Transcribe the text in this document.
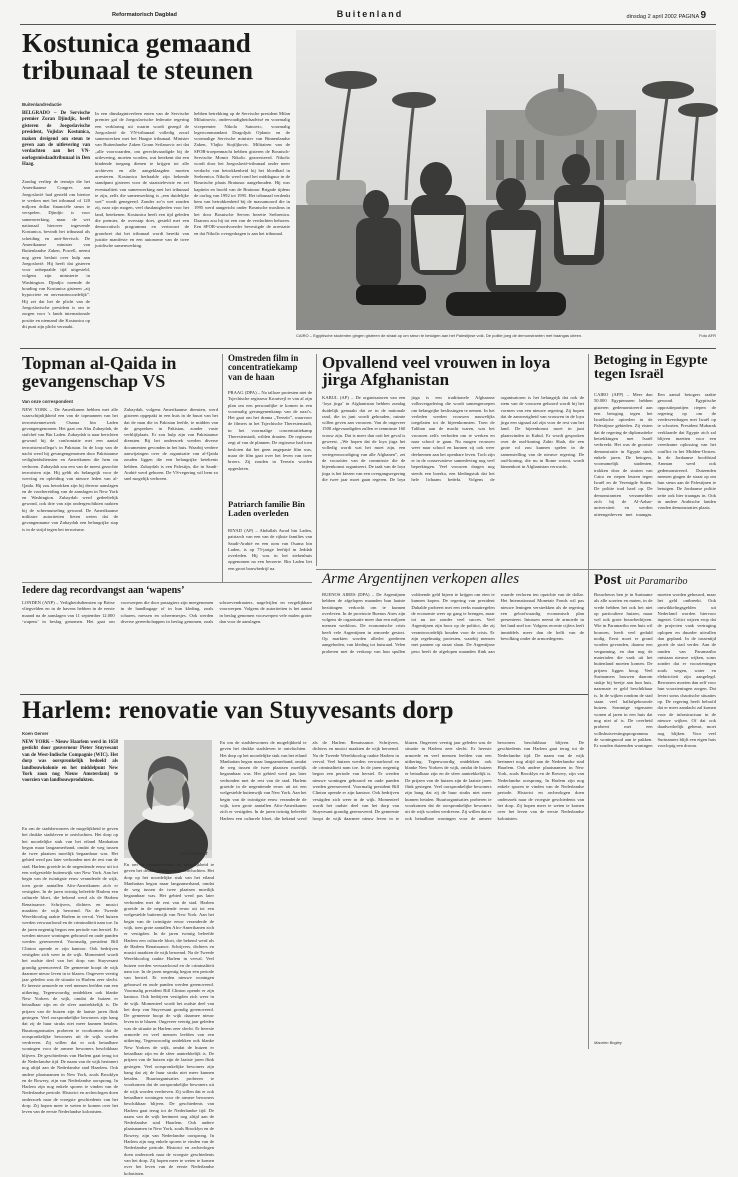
Reformatorisch Dagblad	Buitenland	dinsdag 2 april 2002 PAGINA 9
Kostunica gemaand tribunaal te steunen
Buitenlandredactie
BELGRADO – De Servische premier Zoran Djindjic, heeft gisteren de Joegoslavische president, Vojislav Kostunica, maken dreigend om steun te geven aan de uitlevering van verdachten aan het VN-oorlogsmisdaadtribunaal in Den Haag.
Zondag verliep de termijn die het Amerikaanse Congres aan Joegoslavië had gesteld om hiertoe te werken met het tribunaal of 120 miljoen dollar financiële steun te verspelen. Djindjic is voor samenwerking, maar de wet nationaal hierover ingevende Kostunica, bevindt het tribunaal als scheiding en anti-Servisch. De Amerikaanse minister van Buitenlandse Zaken, Powell, neemt nog geen besluit over hulp aan Joegoslavië. Hij heeft dat gisteren voor onbepaalde tijd uitgesteld, volgens zijn ministerie in Washington. Djindjic noemde de houding van Kostunica gisteren „zij hypocriete en onverantwoordelijk”. Hij zei dat het de plicht van de Joegoslavische president is om te zorgen voor ’s lands internationale positie en niemand die Kostunica op dit punt zijn plicht verzaakt.
In een dinsdagintverleen enten van de Servische premier gaf de Joegoslavische federatie regering een verklaring uit waarin wordt gezegd de Joegoslavië de VN-tribunaal volledig zoozl samenwerken met het Haagse tribunaal. Minister van Buitenlandse Zaken Goran Svilanovic zei dat „alle voorwaarden, om gerechtvaardigde bij de uitlevering, moeten worden, wat betekent dat een bindende toegang dienen te krijgen tot alle archieven en alle aangeklaagden moeten arresteren. Kostunica herhaalde zijn bekende standpunt gisteren voor de staatstelevisie en zei eventualiteit van samenwerking met het tribunaal te zijn, zelfs die samenwerking is „een duidelijke wet” wordt genegeerd. Zonder zo’n wet zouden zij, naar zijn mogen, veel dusdanigheden voor het land, betekenen. Kostunica heeft een tijd geleden die premier, de overstap doet, gesteld met een democratisch programma en vertrouwt de grondwet dat het tribunaal wordt bereikt van justitie manifeste en een autonome van de twee juridische samenwerking.
hebben betrekking op de Servische president Milan Milutinovic, ondervoudigheidsadvisé en voormalig vicepremier Nikola Sainovic, voormalig legercommandant Dragoljub Ojdanic en de voormalige Servische minister van Binnenlandse Zaken, Vlajko Stojiljkovic. Militairen van de SFOR-troepenmacht hebben gisteren de Bosnisch-Servische Momir Nikolic gearresteerd. Nikolic wordt door het Joegoslavië-tribunaal onder meer verdacht van betrokkenheid bij het bloedbad in Srebrenica. Nikolic werd rond het middaguur in de Bosnische plaats Bratunac aangehouden. Hij was kapitein en hoofd van de Bratunac Brigade tijdens de oorlog van 1992 tot 1995. Het tribunaal verdenkt hem van betrokkenheid bij de massamoord die in 1995 werd aangericht onder Bosnische moslims in het door Bosnische Serven bezette Srebrenica. Daarom zou hij tot een van de verdachten behoren. Een SFOR-woordvoerder bevestigde de arrestatie en dat Nikolic overgedragen is aan het tribunaal.
CAIRO – Egyptische studenten gingen gisteren de straat op om steun te betuigen aan het Palestijnse volk. De politie joeg de demonstranten met traangas uiteen.	Foto AFR
Topman al-Qaida in gevangenschap VS
Van onze correspondent
NEW YORK – De Amerikanen hebben met alle waarschijnlijkheid een van de topmannen van het terroristennetwerk Osama bin Laden gevangengenomen. Het gaat om Abu Zubaydah, de stafchef van Bin Laden. Zubaydah is naar berichten gewond bij de confrontatie met een aantal terroristencollega’s in Pakistan. In de loop van de nacht werd hij gevangengenomen door Pakistaanse veiligheidsdiensten en Amerikanen die hem nu verhoren. Zubaydah zou een van de meest gezochte terroristen zijn. Hij geldt als belangrijk voor de werving en opleiding van nieuwe leden van al-Qaida. Hij zou betrokken zijn bij diverse aanslagen en de voorbereiding van de aanslagen in New York en Washington. Zubaydah werd gedeeltelijk gewond, ook drie van zijn ondergeschikten raakten bij de schermutseling gewond. De Amerikaanse militaire autoriteiten lieten weten dat de gevangenname van Zubaydah een belangrijke stap is in de strijd tegen het terrorisme.
Zubaydah, volgens Amerikaanse diensten, werd gisteren opgepakt in een huis in de buurt van het dat de man die in Pakistan leefde, te midden van de gespreken in Pakistan, zonder vaste verblijfplaats. Er zou hulp zijn van Pakistaanse diensten. Bij het onderzoek werden diverse documenten gevonden in het huis. Waarbij verdere aanwijzingen over de organisatie van al-Qaida zouden liggen die een belangrijke betekenis hebben. Zubaydah is een Palestijn, die in Saudi-Arabië werd geboren. De VS-regering wil hem zo snel mogelijk verhoren.
Omstreden film in concentratiekamp van de haan
PRAAG (DPA) – Na talloze protesten niet de Tsjechische regisseur Kroutvejl er van af zijn plan om een persoonlijke te komen in een voormalig gevangenenkamp van de nazi’s. Het gaat om het drama „Terezín”, waarvoor de filmers in het Tsjechische Theresienstadt, in het voormalige concentratiekamp Theresienstadt, wilden draaien. De regisseur zegt af van de plannen. De regisseur had toen besloten dat het geen ongepaste film was, maar de film gaat over het leven van twee broers. Zij zouden in Terezín worden opgesloten.
Patriarch familie Bin Laden overleden
RIYAD (AP) – Abdullah Awad bin Laden, patriarch van een van de rijkste families van Saudi-Arabië en een oom van Osama bin Laden, is op 75-jarige leeftijd in Jeddah overleden. Hij was in het ziekenhuis opgenomen na een beroerte. Bin Laden liet een groot bouwbedrijf na.
Iedere dag recordvangst aan ‘wapens’
LONDEN (ANP) – Veiligheidsdiensten op Britse vliegvelden en in de havens hebben in de eerste maand na de aanslagen van 11 september 12.000 ‘wapens’ in beslag genomen. Het gaat om voorwerpen die door passagiers zijn meegenomen in de handbagage of in hun kleding, zoals scharen, messen en scheermesjes. Ook werden diverse gereedschappen in beslag genomen, zoals schroevendraaiers, nagelvijlen en vergelijkbare voorwerpen. Volgens de autoriteiten is het aantal in beslag genomen voorwerpen vele malen groter dan voor de aanslagen.
Opvallend veel vrouwen in loya jirga Afghanistan
KABUL (AP) – De organisatoren van een ‘loya jirga’ in Afghanistan hebben zondag duidelijk gemaakt dat ze in de nationale raad, die in juni wordt gehouden, ruimte willen geven aan vrouwen. Van de ongeveer 1500 afgevaardigden zullen er tenminste 160 vrouw zijn. Dat is meer dan ooit het geval is geweest. „We hopen dat de loya jirga het volledig wordt wat het moet zijn, een vertegenwoordiging van alle Afghanen”, zei de voorzitter van de commissie die de bijeenkomst organiseert. De taak van de loya jirga is het kiezen van een overgangsregering die twee jaar moet gaan regeren. De loya jirga is een traditionele Afghaanse volksvergadering die wordt samengeroepen om belangrijke beslissingen te nemen. In het verleden werden vrouwen nauwelijks toegelaten tot de bijeenkomsten. Toen de Taliban aan de macht waren, was het vrouwen zelfs verboden om te werken en naar school te gaan. Nu mogen vrouwen weer naar school en kunnen zij ook weer deelnemen aan het openbare leven. Toch zijn er in de conservatieve samenleving nog veel beperkingen. Veel vrouwen dragen nog steeds een boerka, een kledingstuk dat het hele lichaam bedekt. Volgens de organisatoren is het belangrijk dat ook de stem van de vrouwen gehoord wordt bij het vormen van een nieuwe regering. Zij hopen dat de aanwezigheid van vrouwen in de loya jirga een signaal zal zijn voor de rest van het land. De bijeenkomst moet in juni plaatsvinden in Kabul. Er wordt gesproken over de oud-koning Zahir Shah, die een grote rol zou kunnen spelen in de samenstelling van de nieuwe regering. De oud-koning, die nu in Rome woont, wordt binnenkort in Afghanistan verwacht.
Betoging in Egypte tegen Israël
CAIRO (AFP) – Meer dan 50.000 Egyptenaren hebben gisteren gedemonstreerd aan een betoging tegen het Israëlische optreden in de Palestijnse gebieden. Zij eisten dat de regering de diplomatieke betrekkingen met Israël verbreekt. Het was de grootste demonstratie in Egypte sinds enkele jaren. De betogers, voornamelijk studenten, trokken door de straten van Cairo en riepen leuzen tegen Israël en de Verenigde Staten. De politie trad hard op. De demonstranten verzamelden zich bij de Al-Azhar-universiteit en werden uiteengedreven met traangas. Een aantal betogers raakte gewond. Egyptische oppositiepartijen riepen de regering op om de vredesverdragen met Israël op te schorten. President Mubarak verklaarde dat Egypte zich zal blijven inzetten voor een vreedzame oplossing van het conflict in het Midden-Oosten. In de Jordaanse hoofdstad Amman werd ook gedemonstreerd. Duizenden mensen gingen de straat op om hun steun aan de Palestijnen te betuigen. De Jordaanse politie zette ook hier traangas in. Ook in andere Arabische landen vonden demonstraties plaats.
Arme Argentijnen verkopen alles
BUENOS AIRES (DPA) – De Argentijnen hebben de afgelopen maanden hun laatste bezittingen verkocht om te kunnen overleven. In de provincie Buenos Aires zijn volgens de organisatie meer dan een miljoen mensen werkloos. De economische crisis heeft vele Argentijnen in armoede gestort. Op markten worden allerlei goederen aangeboden, van kleding tot huisraad. Velen proberen met de verkoop van hun spullen voldoende geld bijeen te krijgen om eten te kunnen kopen. De regering van president Duhalde probeert met een reeks maatregelen de economie weer op gang te brengen, maar tot nu toe zonder veel succes. Veel Argentijnen zijn boos op de politici, die zij verantwoordelijk houden voor de crisis. Er zijn regelmatig protesten, waarbij mensen met pannen op straat slaan. De Argentijnse peso heeft de afgelopen maanden flink aan waarde verloren ten opzichte van de dollar. Het Internationaal Monetair Fonds wil pas nieuwe leningen verstrekken als de regering een geloofwaardig economisch plan presenteert. Intussen neemt de armoede in het land snel toe. Volgens recente cijfers leeft inmiddels meer dan de helft van de bevolking onder de armoedegrens.
Post uit Paramaribo
Harlem: renovatie van Stuyvesants dorp
Koen Gerver
NEW YORK – Nieuw Haarlem werd in 1658 gesticht door gouverneur Pieter Stuyvesant van de West-Indische Compagnie (WIC). Het dorp was oorspronkelijk bedoeld als landbouwkolonie en het middelpunt New York zoon nog Nieuw Amsterdam) te voorzien van landbouwprodukten.
En om de stadsbewoners de mogelijkheid te geven het drukke stadsleven te ontvluchten. Het dorp op het noordelijke stuk van het eiland Manhattan begon maar langzamerhand, omdat de weg tussen de twee plaatsen moeilijk begaanbaar was. Het gebied werd pas later verbonden met de rest van de stad. Harlem groeide in de negentiende eeuw uit tot een welgestelde buitenwijk van New York. Aan het begin van de twintigste eeuw veranderde de wijk, toen grote aantallen Afro-Amerikanen zich er vestigden. In de jaren twintig beleefde Harlem een culturele bloei, die bekend werd als de Harlem Renaissance. Schrijvers, dichters en musici maakten de wijk beroemd. Na de Tweede Wereldoorlog raakte Harlem in verval. Veel huizen werden verwaarloosd en de criminaliteit nam toe. In de jaren negentig begon een periode van herstel. Er werden nieuwe woningen gebouwd en oude panden werden gerenoveerd. Voormalig president Bill Clinton opende er zijn kantoor. Ook bedrijven vestigden zich weer in de wijk. Momenteel wordt het oudste deel van het dorp van Stuyvesant grondig gerenoveerd. De gemeente hoopt de wijk daarmee nieuw leven in te blazen. Ongeveer veertig jaar geleden was de situatie in Harlem zeer slecht. Er heerste armoede en veel mensen leefden van een uitkering. Tegenwoordig ontdekken ook blanke New Yorkers de wijk, omdat de huizen er betaalbaar zijn en de sfeer aantrekkelijk is. De prijzen van de huizen zijn de laatste jaren flink gestegen. Veel oorspronkelijke bewoners zijn bang dat zij de huur straks niet meer kunnen betalen. Buurtorganisaties proberen te voorkomen dat de oorspronkelijke bewoners uit de wijk worden verdreven. Zij willen dat er ook betaalbare woningen voor de armere bewoners beschikbaar blijven. De geschiedenis van Harlem gaat terug tot de Nederlandse tijd. De naam van de wijk herinnert nog altijd aan de Nederlandse stad Haarlem. Ook andere plaatsnamen in New York, zoals Brooklyn en de Bowery, zijn van Nederlandse oorsprong. In Harlem zijn nog enkele sporen te vinden van de Nederlandse periode. Historici en archeologen doen onderzoek naar de vroegste geschiedenis van het dorp. Zij hopen meer te weten te komen over het leven van de eerste Nederlandse kolonisten.
STUYVESANT
En om de stadsbewoners de mogelijkheid te geven het drukke stadsleven te ontvluchten. Het dorp op het noordelijke stuk van het eiland Manhattan begon maar langzamerhand, omdat de weg tussen de twee plaatsen moeilijk begaanbaar was. Het gebied werd pas later verbonden met de rest van de stad. Harlem groeide in de negentiende eeuw uit tot een welgestelde buitenwijk van New York. Aan het begin van de twintigste eeuw veranderde de wijk, toen grote aantallen Afro-Amerikanen zich er vestigden. In de jaren twintig beleefde Harlem een culturele bloei, die bekend werd als de Harlem Renaissance. Schrijvers, dichters en musici maakten de wijk beroemd. Na de Tweede Wereldoorlog raakte Harlem in verval. Veel huizen werden verwaarloosd en de criminaliteit nam toe. In de jaren negentig begon een periode van herstel. Er werden nieuwe woningen gebouwd en oude panden werden gerenoveerd. Voormalig president Bill Clinton opende er zijn kantoor. Ook bedrijven vestigden zich weer in de wijk. Momenteel wordt het oudste deel van het dorp van Stuyvesant grondig gerenoveerd. De gemeente hoopt de wijk daarmee nieuw leven in te blazen. Ongeveer veertig jaar geleden was de situatie in Harlem zeer slecht. Er heerste armoede en veel mensen leefden van een uitkering. Tegenwoordig ontdekken ook blanke New Yorkers de wijk, omdat de huizen er betaalbaar zijn en de sfeer aantrekkelijk is. De prijzen van de huizen zijn de laatste jaren flink gestegen. Veel oorspronkelijke bewoners zijn bang dat zij de huur straks niet meer kunnen betalen. Buurtorganisaties proberen te voorkomen dat de oorspronkelijke bewoners uit de wijk worden verdreven. Zij willen dat er ook betaalbare woningen voor de armere bewoners beschikbaar blijven. De geschiedenis van Harlem gaat terug tot de Nederlandse tijd. De naam van de wijk herinnert nog altijd aan de Nederlandse stad Haarlem. Ook andere plaatsnamen in New York, zoals Brooklyn en de Bowery, zijn van Nederlandse oorsprong. In Harlem zijn nog enkele sporen te vinden van de Nederlandse periode. Historici en archeologen doen onderzoek naar de vroegste geschiedenis van het dorp. Zij hopen meer te weten te komen over het leven van de eerste Nederlandse kolonisten.
En om de stadsbewoners de mogelijkheid te geven het drukke stadsleven te ontvluchten. Het dorp op het noordelijke stuk van het eiland Manhattan begon maar langzamerhand, omdat de weg tussen de twee plaatsen moeilijk begaanbaar was. Het gebied werd pas later verbonden met de rest van de stad. Harlem groeide in de negentiende eeuw uit tot een welgestelde buitenwijk van New York. Aan het begin van de twintigste eeuw veranderde de wijk, toen grote aantallen Afro-Amerikanen zich er vestigden. In de jaren twintig beleefde Harlem een culturele bloei, die bekend werd als de Harlem Renaissance. Schrijvers, dichters en musici maakten de wijk beroemd. Na de Tweede Wereldoorlog raakte Harlem in verval. Veel huizen werden verwaarloosd en de criminaliteit nam toe. In de jaren negentig begon een periode van herstel. Er werden nieuwe woningen gebouwd en oude panden werden gerenoveerd. Voormalig president Bill Clinton opende er zijn kantoor. Ook bedrijven vestigden zich weer in de wijk. Momenteel wordt het oudste deel van het dorp van Stuyvesant grondig gerenoveerd. De gemeente hoopt de wijk daarmee nieuw leven in te blazen. Ongeveer veertig jaar geleden was de situatie in Harlem zeer slecht. Er heerste armoede en veel mensen leefden van een uitkering. Tegenwoordig ontdekken ook blanke New Yorkers de wijk, omdat de huizen er betaalbaar zijn en de sfeer aantrekkelijk is. De prijzen van de huizen zijn de laatste jaren flink gestegen. Veel oorspronkelijke bewoners zijn bang dat zij de huur straks niet meer kunnen betalen. Buurtorganisaties proberen te voorkomen dat de oorspronkelijke bewoners uit de wijk worden verdreven. Zij willen dat er ook betaalbare woningen voor de armere bewoners beschikbaar blijven. De geschiedenis van Harlem gaat terug tot de Nederlandse tijd. De naam van de wijk herinnert nog altijd aan de Nederlandse stad Haarlem. Ook andere plaatsnamen in New York, zoals Brooklyn en de Bowery, zijn van Nederlandse oorsprong. In Harlem zijn nog enkele sporen te vinden van de Nederlandse periode. Historici en archeologen doen onderzoek naar de vroegste geschiedenis van het dorp. Zij hopen meer te weten te komen over het leven van de eerste Nederlandse kolonisten.
Bouwbeurs ben je in Suriname als alle soorten en maten, in de vrede hebben het ook het niet op particuliere huizen, maar wel ook grote bouwbedrijven. Wie in Paramaribo een huis wil bouwen, heeft veel geduld nodig. Eerst moet er grond worden gevonden, daarna een vergunning, en dan nog de materialen die vaak uit het buitenland moeten komen. De prijzen liggen hoog. Veel Surinamers bouwen daarom stukje bij beetje aan hun huis, naarmate er geld beschikbaar is. In de wijken rondom de stad staan veel halfafgebouwde huizen. Sommige eigenaren wonen al jaren in een huis dat nog niet af is. De overheid probeert met een volkshuisvestingsprogramma de woningnood aan te pakken. Er zouden duizenden woningen moeten worden gebouwd, maar het geld ontbreekt. Ook ontwikkelingsgelden uit Nederland worden hiervoor ingezet. Critici wijzen erop dat de projecten vaak vertraging oplopen en duurder uitvallen dan gepland. In de tussentijd groeit de stad verder. Aan de randen van Paramaribo ontstaan nieuwe wijken, soms zonder dat er voorzieningen zoals wegen, water en elektriciteit zijn aangelegd. Bewoners moeten dan zelf voor hun voorzieningen zorgen. Dat levert soms chaotische situaties op. De regering heeft beloofd dat er meer aandacht zal komen voor de infrastructuur in de nieuwe wijken. Of dat ook daadwerkelijk gebeurt, moet nog blijken. Voor veel Surinamers blijft een eigen huis voorlopig een droom.
Maurien Bogley
